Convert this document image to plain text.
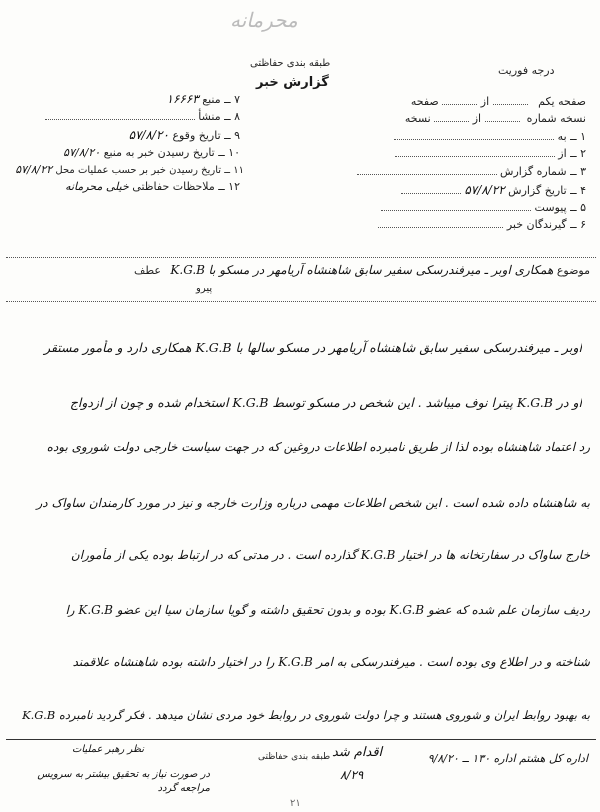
محرمانه
طبقه بندی حفاظتی
گزارش خبر
درجه فوریت
صفحه یکم    از  صفحه
نسخه شماره   از  نسخه
۱ ــ به
۲ ــ از
۳ ــ شماره گزارش
۴ ــ تاریخ گزارش ۵۷/۸/۲۲
۵ ــ پیوست
۶ ــ گیرندگان خبر
۷ ــ منبع ۱۶۶۶۳
۸ ــ منشأ
۹ ــ تاریخ وقوع ۵۷/۸/۲۰
۱۰ ــ تاریخ رسیدن خبر به منبع ۵۷/۸/۲۰
۱۱ ــ تاریخ رسیدن خبر بر حسب عملیات محل ۵۷/۸/۲۲
۱۲ ــ ملاحظات حفاظتی خیلی محرمانه
موضوع همکاری اوبر ـ میرفندرسکی سفیر سابق شاهنشاه آریامهر در مسکو با K.G.B عطف
پیرو
اوبر ـ میرفندرسکی سفیر سابق شاهنشاه آریامهر در مسکو سالها با K.G.B همکاری دارد و مأمور مستقر
او در K.G.B پیترا نوف میباشد . این شخص در مسکو توسط K.G.B استخدام شده و چون از ازدواج
رد اعتماد شاهنشاه بوده لذا از طریق نامبرده اطلاعات دروغین که در جهت سیاست خارجی دولت شوروی بوده
به شاهنشاه داده شده است . این شخص اطلاعات مهمی درباره وزارت خارجه و نیز در مورد کارمندان ساواک در
خارج ساواک در سفارتخانه ها در اختیار K.G.B گذارده است . در مدتی که در ارتباط بوده یکی از مأموران
ردیف سازمان علم شده که عضو K.G.B بوده و بدون تحقیق داشته و گویا سازمان سیا این عضو K.G.B را
شناخته و در اطلاع وی بوده است . میرفندرسکی به امر K.G.B را در اختیار داشته بوده شاهنشاه علاقمند
به بهبود روابط ایران و شوروی هستند و چرا دولت شوروی در روابط خود مردی نشان میدهد . فکر گردید نامبرده K.G.B
نظر رهبر عملیات
در صورت نیاز به تحقیق بیشتر به سرویس مراجعه گردد
طبقه بندی حفاظتی اقدام شد
۸/۲۹
اداره کل هشتم اداره ۱۳۰ ــ ۹/۸/۲۰
۲۱
